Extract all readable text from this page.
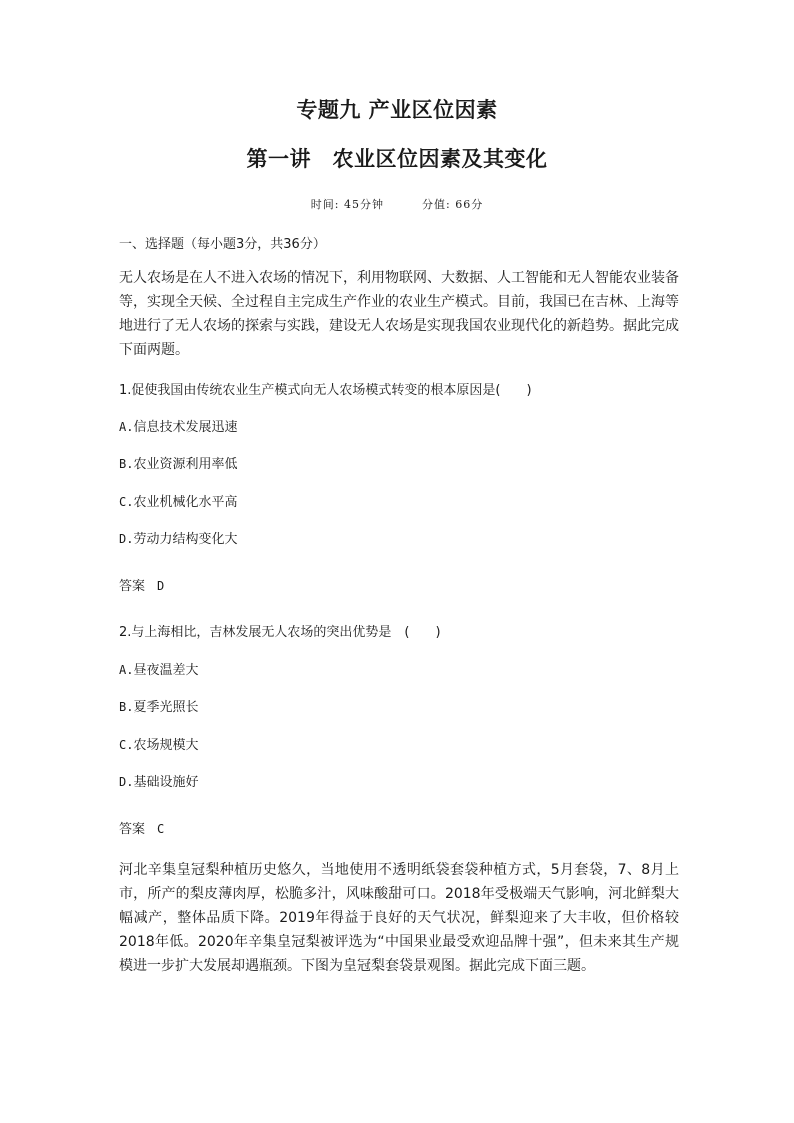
专题九 产业区位因素
第一讲　农业区位因素及其变化
时间: 45分钟	分值: 66分
一、选择题（每小题3分，共36分）
无人农场是在人不进入农场的情况下，利用物联网、大数据、人工智能和无人智能农业装备等，实现全天候、全过程自主完成生产作业的农业生产模式。目前，我国已在吉林、上海等地进行了无人农场的探索与实践，建设无人农场是实现我国农业现代化的新趋势。据此完成下面两题。
1.促使我国由传统农业生产模式向无人农场模式转变的根本原因是(　　)
A.信息技术发展迅速
B.农业资源利用率低
C.农业机械化水平高
D.劳动力结构变化大
答案 D
2.与上海相比，吉林发展无人农场的突出优势是　(　　)
A.昼夜温差大
B.夏季光照长
C.农场规模大
D.基础设施好
答案 C
河北辛集皇冠梨种植历史悠久，当地使用不透明纸袋套袋种植方式，5月套袋，7、8月上市，所产的梨皮薄肉厚，松脆多汁，风味酸甜可口。2018年受极端天气影响，河北鲜梨大幅减产，整体品质下降。2019年得益于良好的天气状况，鲜梨迎来了大丰收，但价格较2018年低。2020年辛集皇冠梨被评选为“中国果业最受欢迎品牌十强”，但未来其生产规模进一步扩大发展却遇瓶颈。下图为皇冠梨套袋景观图。据此完成下面三题。
